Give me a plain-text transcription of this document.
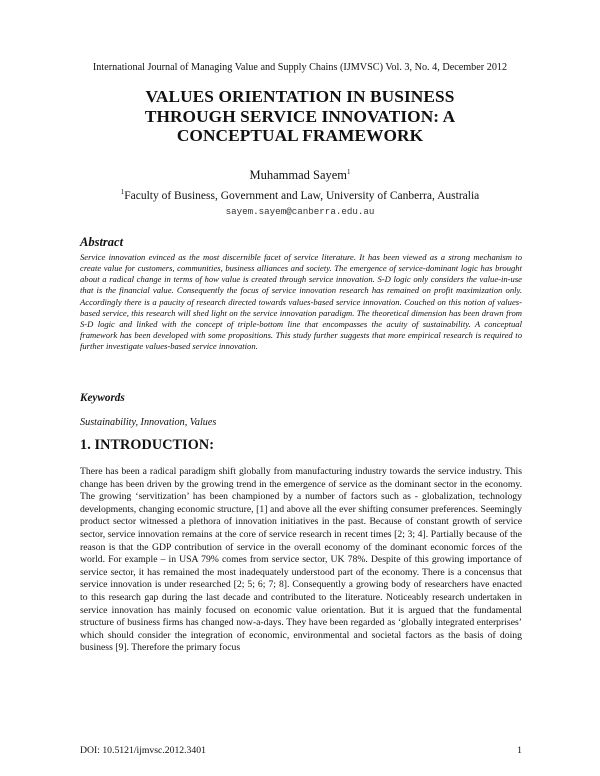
International Journal of Managing Value and Supply Chains (IJMVSC) Vol. 3, No. 4, December 2012
VALUES ORIENTATION IN BUSINESS
THROUGH SERVICE INNOVATION: A
CONCEPTUAL FRAMEWORK
Muhammad Sayem$^1$
$^1$Faculty of Business, Government and Law, University of Canberra, Australia
sayem.sayem@canberra.edu.au
Abstract
Service innovation evinced as the most discernible facet of service literature. It has been viewed as a strong mechanism to create value for customers, communities, business alliances and society. The emergence of service-dominant logic has brought about a radical change in terms of how value is created through service innovation. S-D logic only considers the value-in-use that is the financial value. Consequently the focus of service innovation research has remained on profit maximization only. Accordingly there is a paucity of research directed towards values-based service innovation. Couched on this notion of values-based service, this research will shed light on the service innovation paradigm. The theoretical dimension has been drawn from S-D logic and linked with the concept of triple-bottom line that encompasses the acuity of sustainability. A conceptual framework has been developed with some propositions. This study further suggests that more empirical research is required to further investigate values-based service innovation.
Keywords
Sustainability, Innovation, Values
1. INTRODUCTION:
There has been a radical paradigm shift globally from manufacturing industry towards the service industry. This change has been driven by the growing trend in the emergence of service as the dominant sector in the economy. The growing ‘servitization’ has been championed by a number of factors such as - globalization, technology developments, changing economic structure, [1] and above all the ever shifting consumer preferences. Seemingly product sector witnessed a plethora of innovation initiatives in the past. Because of constant growth of service sector, service innovation remains at the core of service research in recent times [2; 3; 4]. Partially because of the reason is that the GDP contribution of service in the overall economy of the dominant economic forces of the world. For example – in USA 79% comes from service sector, UK 78%. Despite of this growing importance of service sector, it has remained the most inadequately understood part of the economy. There is a concensus that service innovation is under researched [2; 5; 6; 7; 8]. Consequently a growing body of researchers have enacted to this research gap during the last decade and contributed to the literature. Noticeably research undertaken in service innovation has mainly focused on economic value orientation. But it is argued that the fundamental structure of business firms has changed now-a-days. They have been regarded as ‘globally integrated enterprises’ which should consider the integration of economic, environmental and societal factors as the basis of doing business [9]. Therefore the primary focus
DOI: 10.5121/ijmvsc.2012.3401	1
